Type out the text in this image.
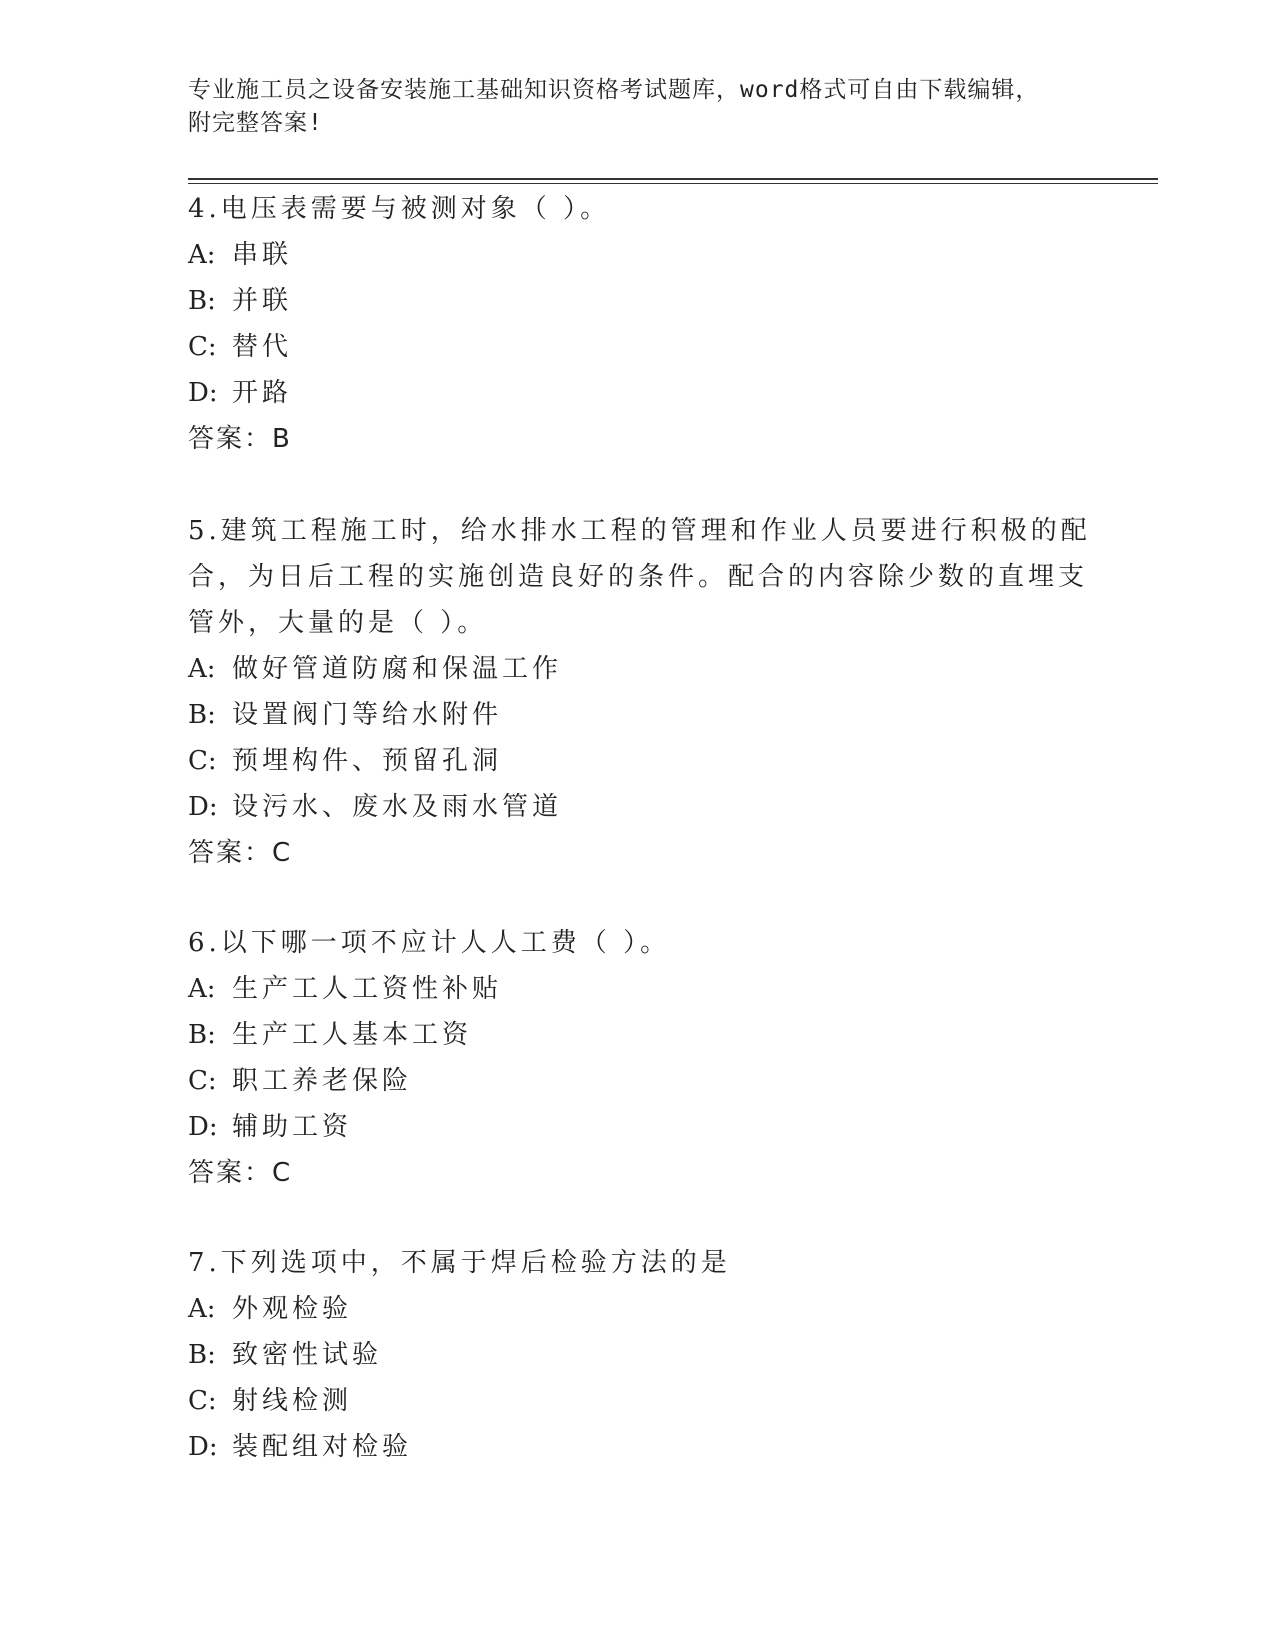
专业施工员之设备安装施工基础知识资格考试题库，word格式可自由下载编辑，
附完整答案!
4.电压表需要与被测对象（ ）。
A: 串联
B: 并联
C: 替代
D: 开路
答案：B
5.建筑工程施工时，给水排水工程的管理和作业人员要进行积极的配
合，为日后工程的实施创造良好的条件。配合的内容除少数的直埋支
管外，大量的是（ ）。
A: 做好管道防腐和保温工作
B: 设置阀门等给水附件
C: 预埋构件、预留孔洞
D: 设污水、废水及雨水管道
答案：C
6.以下哪一项不应计人人工费（ ）。
A: 生产工人工资性补贴
B: 生产工人基本工资
C: 职工养老保险
D: 辅助工资
答案：C
7.下列选项中，不属于焊后检验方法的是
A: 外观检验
B: 致密性试验
C: 射线检测
D: 装配组对检验
